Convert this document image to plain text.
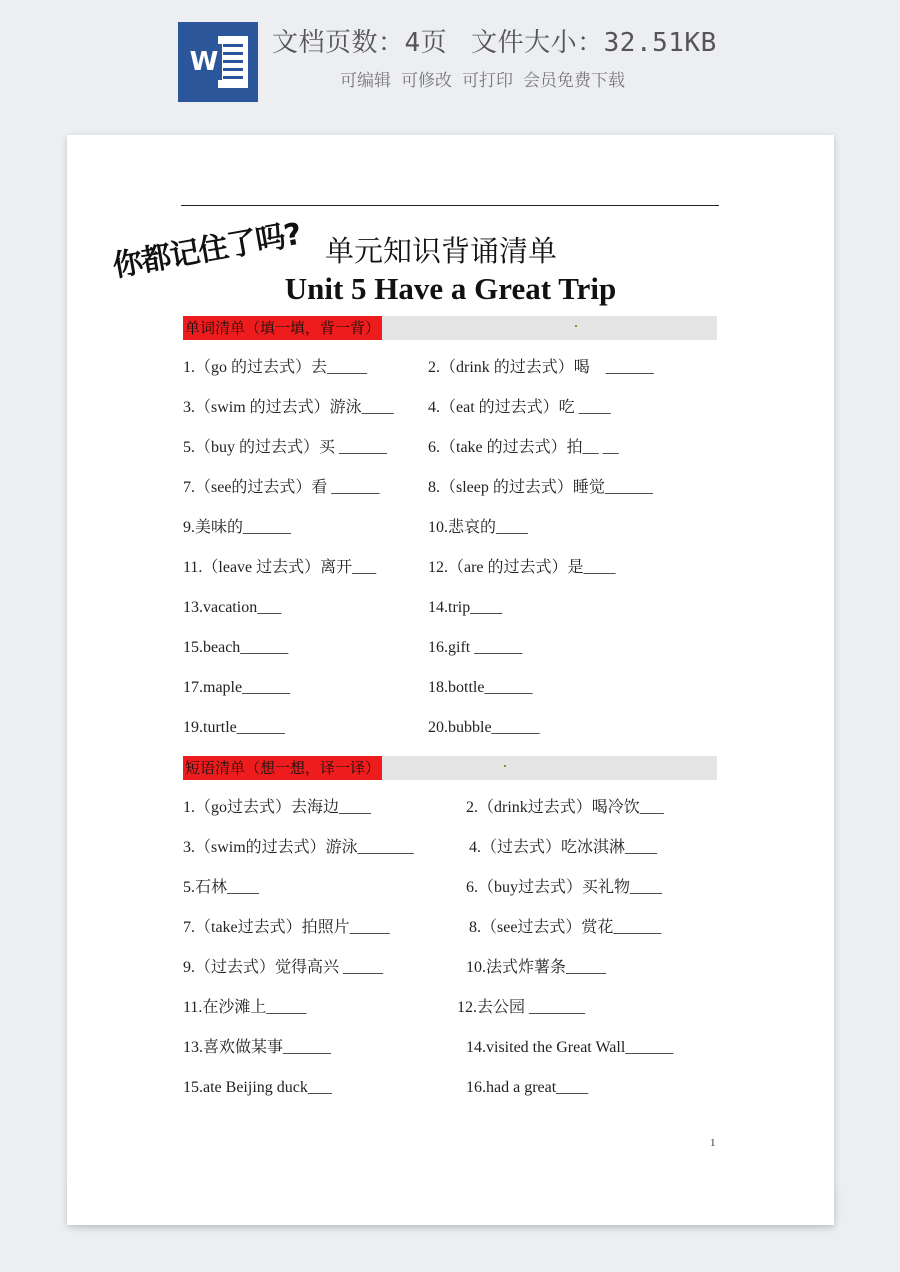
W
文档页数：4页 文件大小：32.51KB
可编辑 可修改 可打印 会员免费下载
你都记住了吗? 单元知识背诵清单
Unit 5 Have a Great Trip
单词清单（填一填，背一背）
1.（go 的过去式）去_____	2.（drink 的过去式）喝　______
3.（swim 的过去式）游泳____ 4.（eat 的过去式）吃 ____
5.（buy 的过去式）买 ______	6.（take 的过去式）拍__ __
7.（see的过去式）看 ______	8.（sleep 的过去式）睡觉______
9.美味的______	10.悲哀的____
11.（leave 过去式）离开___	12.（are 的过去式）是____
13.vacation___	14.trip____
15.beach______	16.gift ______
17.maple______	18.bottle______
19.turtle______	20.bubble______
短语清单（想一想，译一译）
1.（go过去式）去海边____	2.（drink过去式）喝冷饮___
3.（swim的过去式）游泳_______	4.（过去式）吃冰淇淋____
5.石林____	6.（buy过去式）买礼物____
7.（take过去式）拍照片_____	8.（see过去式）赏花______
9.（过去式）觉得高兴 _____	10.法式炸薯条_____
11.在沙滩上_____	12.去公园 _______
13.喜欢做某事______	14.visited the Great Wall______
15.ate Beijing duck___	16.had a great____
1
